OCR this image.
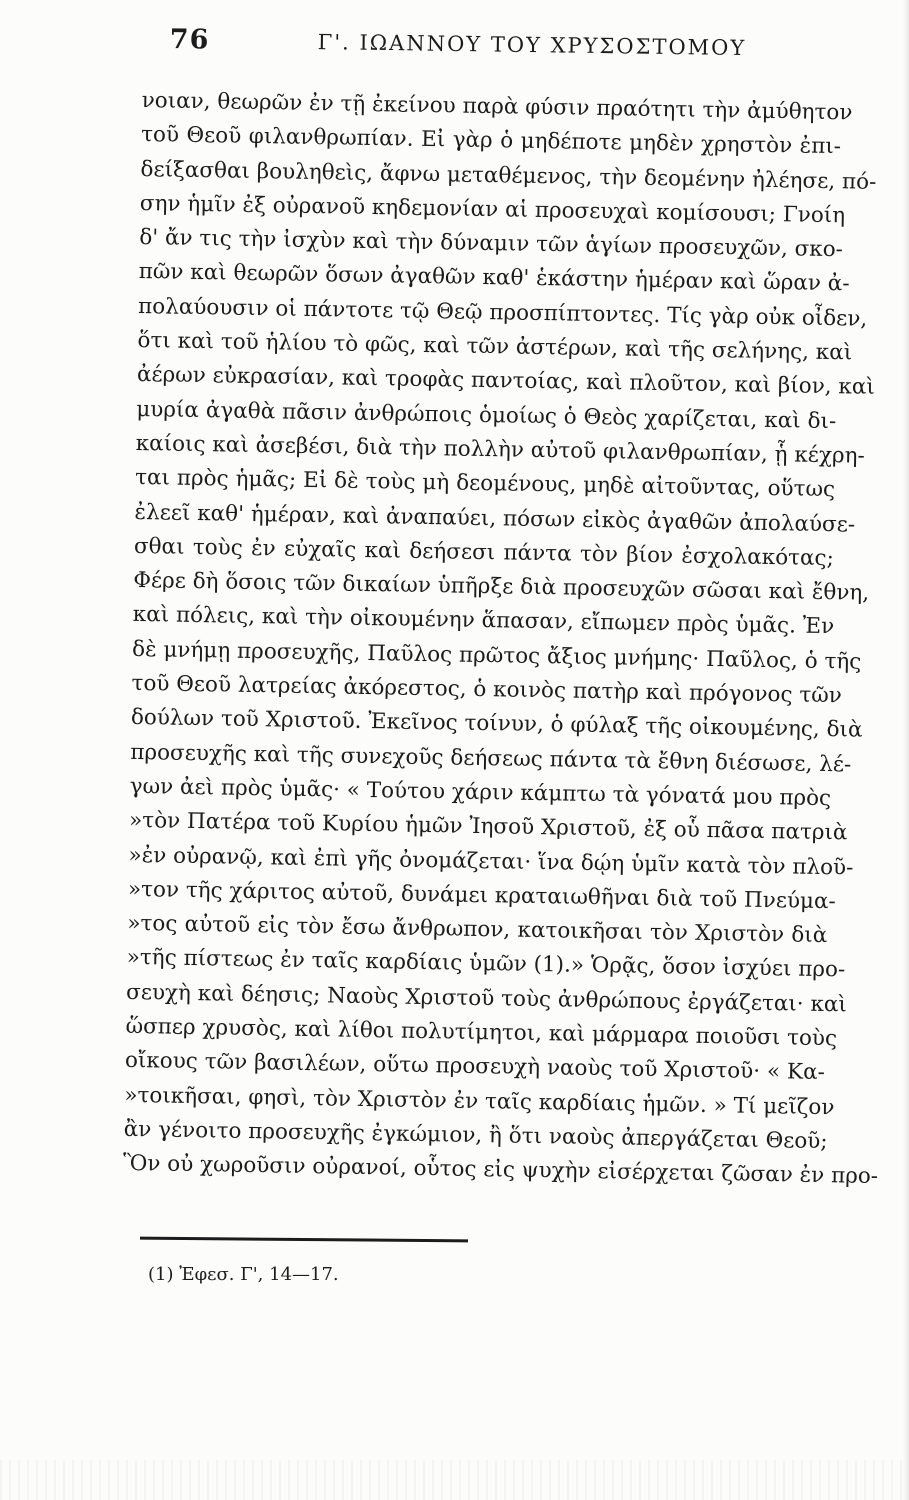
76	Γ'. ΙΩΑΝΝΟΥ ΤΟΥ ΧΡΥΣΟΣΤΟΜΟΥ
νοιαν, θεωρῶν ἐν τῇ ἐκείνου παρὰ φύσιν πραότητι τὴν ἀμύθητον
τοῦ Θεοῦ φιλανθρωπίαν. Εἰ γὰρ ὁ μηδέποτε μηδὲν χρηστὸν ἐπι-
δείξασθαι βουληθεὶς, ἄφνω μεταθέμενος, τὴν δεομένην ἠλέησε, πό-
σην ἡμῖν ἐξ οὐρανοῦ κηδεμονίαν αἱ προσευχαὶ κομίσουσι; Γνοίη
δ' ἄν τις τὴν ἰσχὺν καὶ τὴν δύναμιν τῶν ἁγίων προσευχῶν, σκο-
πῶν καὶ θεωρῶν ὅσων ἀγαθῶν καθ' ἑκάστην ἡμέραν καὶ ὥραν ἀ-
πολαύουσιν οἱ πάντοτε τῷ Θεῷ προσπίπτοντες. Τίς γὰρ οὐκ οἶδεν,
ὅτι καὶ τοῦ ἡλίου τὸ φῶς, καὶ τῶν ἀστέρων, καὶ τῆς σελήνης, καὶ
ἀέρων εὐκρασίαν, καὶ τροφὰς παντοίας, καὶ πλοῦτον, καὶ βίον, καὶ
μυρία ἀγαθὰ πᾶσιν ἀνθρώποις ὁμοίως ὁ Θεὸς χαρίζεται, καὶ δι-
καίοις καὶ ἀσεβέσι, διὰ τὴν πολλὴν αὐτοῦ φιλανθρωπίαν, ᾗ κέχρη-
ται πρὸς ἡμᾶς; Εἰ δὲ τοὺς μὴ δεομένους, μηδὲ αἰτοῦντας, οὕτως
ἐλεεῖ καθ' ἡμέραν, καὶ ἀναπαύει, πόσων εἰκὸς ἀγαθῶν ἀπολαύσε-
σθαι τοὺς ἐν εὐχαῖς καὶ δεήσεσι πάντα τὸν βίον ἐσχολακότας;
Φέρε δὴ ὅσοις τῶν δικαίων ὑπῆρξε διὰ προσευχῶν σῶσαι καὶ ἔθνη,
καὶ πόλεις, καὶ τὴν οἰκουμένην ἅπασαν, εἴπωμεν πρὸς ὑμᾶς. Ἐν
δὲ μνήμῃ προσευχῆς, Παῦλος πρῶτος ἄξιος μνήμης· Παῦλος, ὁ τῆς
τοῦ Θεοῦ λατρείας ἀκόρεστος, ὁ κοινὸς πατὴρ καὶ πρόγονος τῶν
δούλων τοῦ Χριστοῦ. Ἐκεῖνος τοίνυν, ὁ φύλαξ τῆς οἰκουμένης, διὰ
προσευχῆς καὶ τῆς συνεχοῦς δεήσεως πάντα τὰ ἔθνη διέσωσε, λέ-
γων ἀεὶ πρὸς ὑμᾶς· « Τούτου χάριν κάμπτω τὰ γόνατά μου πρὸς
»τὸν Πατέρα τοῦ Κυρίου ἡμῶν Ἰησοῦ Χριστοῦ, ἐξ οὗ πᾶσα πατριὰ
»ἐν οὐρανῷ, καὶ ἐπὶ γῆς ὀνομάζεται· ἵνα δῴη ὑμῖν κατὰ τὸν πλοῦ-
»τον τῆς χάριτος αὐτοῦ, δυνάμει κραταιωθῆναι διὰ τοῦ Πνεύμα-
»τος αὐτοῦ εἰς τὸν ἔσω ἄνθρωπον, κατοικῆσαι τὸν Χριστὸν διὰ
»τῆς πίστεως ἐν ταῖς καρδίαις ὑμῶν (1).» Ὁρᾷς, ὅσον ἰσχύει προ-
σευχὴ καὶ δέησις; Ναοὺς Χριστοῦ τοὺς ἀνθρώπους ἐργάζεται· καὶ
ὥσπερ χρυσὸς, καὶ λίθοι πολυτίμητοι, καὶ μάρμαρα ποιοῦσι τοὺς
οἴκους τῶν βασιλέων, οὕτω προσευχὴ ναοὺς τοῦ Χριστοῦ· « Κα-
»τοικῆσαι, φησὶ, τὸν Χριστὸν ἐν ταῖς καρδίαις ἡμῶν. » Τί μεῖζον
ἂν γένοιτο προσευχῆς ἐγκώμιον, ἢ ὅτι ναοὺς ἀπεργάζεται Θεοῦ;
Ὃν οὐ χωροῦσιν οὐρανοί, οὗτος εἰς ψυχὴν εἰσέρχεται ζῶσαν ἐν προ-
(1) Ἐφεσ. Γ', 14—17.
